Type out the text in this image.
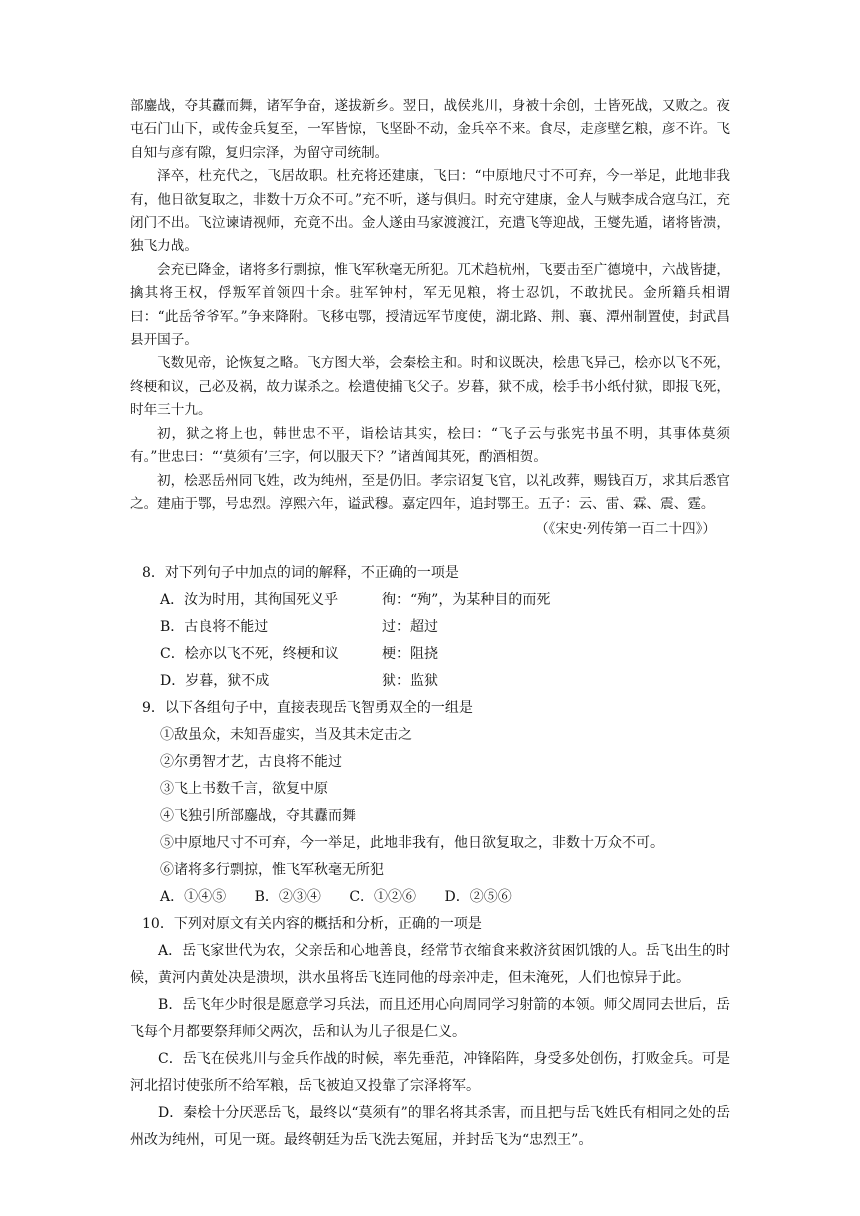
部鏖战，夺其纛而舞，诸军争奋，遂拔新乡。翌日，战侯兆川，身被十余创，士皆死战，又败之。夜屯石门山下，或传金兵复至，一军皆惊，飞坚卧不动，金兵卒不来。食尽，走彦壁乞粮，彦不许。飞自知与彦有隙，复归宗泽，为留守司统制。

泽卒，杜充代之，飞居故职。杜充将还建康，飞曰：“中原地尺寸不可弃，今一举足，此地非我有，他日欲复取之，非数十万众不可。”充不听，遂与俱归。时充守建康，金人与贼李成合寇乌江，充闭门不出。飞泣谏请视师，充竟不出。金人遂由马家渡渡江，充遣飞等迎战，王燮先遁，诸将皆溃，独飞力战。

会充已降金，诸将多行剽掠，惟飞军秋毫无所犯。兀术趋杭州，飞要击至广德境中，六战皆捷，擒其将王权，俘叛军首领四十余。驻军钟村，军无见粮，将士忍饥，不敢扰民。金所籍兵相谓曰：“此岳爷爷军。”争来降附。飞移屯鄂，授清远军节度使，湖北路、荆、襄、潭州制置使，封武昌县开国子。

飞数见帝，论恢复之略。飞方图大举，会秦桧主和。时和议既决，桧患飞异己，桧亦以飞不死，终梗和议，己必及祸，故力谋杀之。桧遣使捕飞父子。岁暮，狱不成，桧手书小纸付狱，即报飞死，时年三十九。

初，狱之将上也，韩世忠不平，诣桧诘其实，桧曰：“飞子云与张宪书虽不明，其事体莫须有。”世忠曰：“‘莫须有’三字，何以服天下？”诸酋闻其死，酌酒相贺。

初，桧恶岳州同飞姓，改为纯州，至是仍旧。孝宗诏复飞官，以礼改葬，赐钱百万，求其后悉官之。建庙于鄂，号忠烈。淳熙六年，谥武穆。嘉定四年，追封鄂王。五子：云、雷、霖、震、霆。

（《宋史·列传第一百二十四》）

8．对下列句子中加点的词的解释，不正确的一项是

A．汝为时用，其徇国死义乎	徇：“殉”，为某种目的而死
B．古良将不能过	过：超过
C．桧亦以飞不死，终梗和议	梗：阻挠
D．岁暮，狱不成	狱：监狱

9．以下各组句子中，直接表现岳飞智勇双全的一组是

①敌虽众，未知吾虚实，当及其未定击之

②尔勇智才艺，古良将不能过

③飞上书数千言，欲复中原

④飞独引所部鏖战，夺其纛而舞

⑤中原地尺寸不可弃，今一举足，此地非我有，他日欲复取之，非数十万众不可。

⑥诸将多行剽掠，惟飞军秋毫无所犯

A．①④⑤ B．②③④ C．①②⑥ D．②⑤⑥

10．下列对原文有关内容的概括和分析，正确的一项是

A．岳飞家世代为农，父亲岳和心地善良，经常节衣缩食来救济贫困饥饿的人。岳飞出生的时候，黄河内黄处决是溃坝，洪水虽将岳飞连同他的母亲冲走，但未淹死，人们也惊异于此。

B．岳飞年少时很是愿意学习兵法，而且还用心向周同学习射箭的本领。师父周同去世后，岳飞每个月都要祭拜师父两次，岳和认为儿子很是仁义。

C．岳飞在侯兆川与金兵作战的时候，率先垂范，冲锋陷阵，身受多处创伤，打败金兵。可是河北招讨使张所不给军粮，岳飞被迫又投靠了宗泽将军。

D．秦桧十分厌恶岳飞，最终以“莫须有”的罪名将其杀害，而且把与岳飞姓氏有相同之处的岳州改为纯州，可见一斑。最终朝廷为岳飞洗去冤屈，并封岳飞为“忠烈王”。
